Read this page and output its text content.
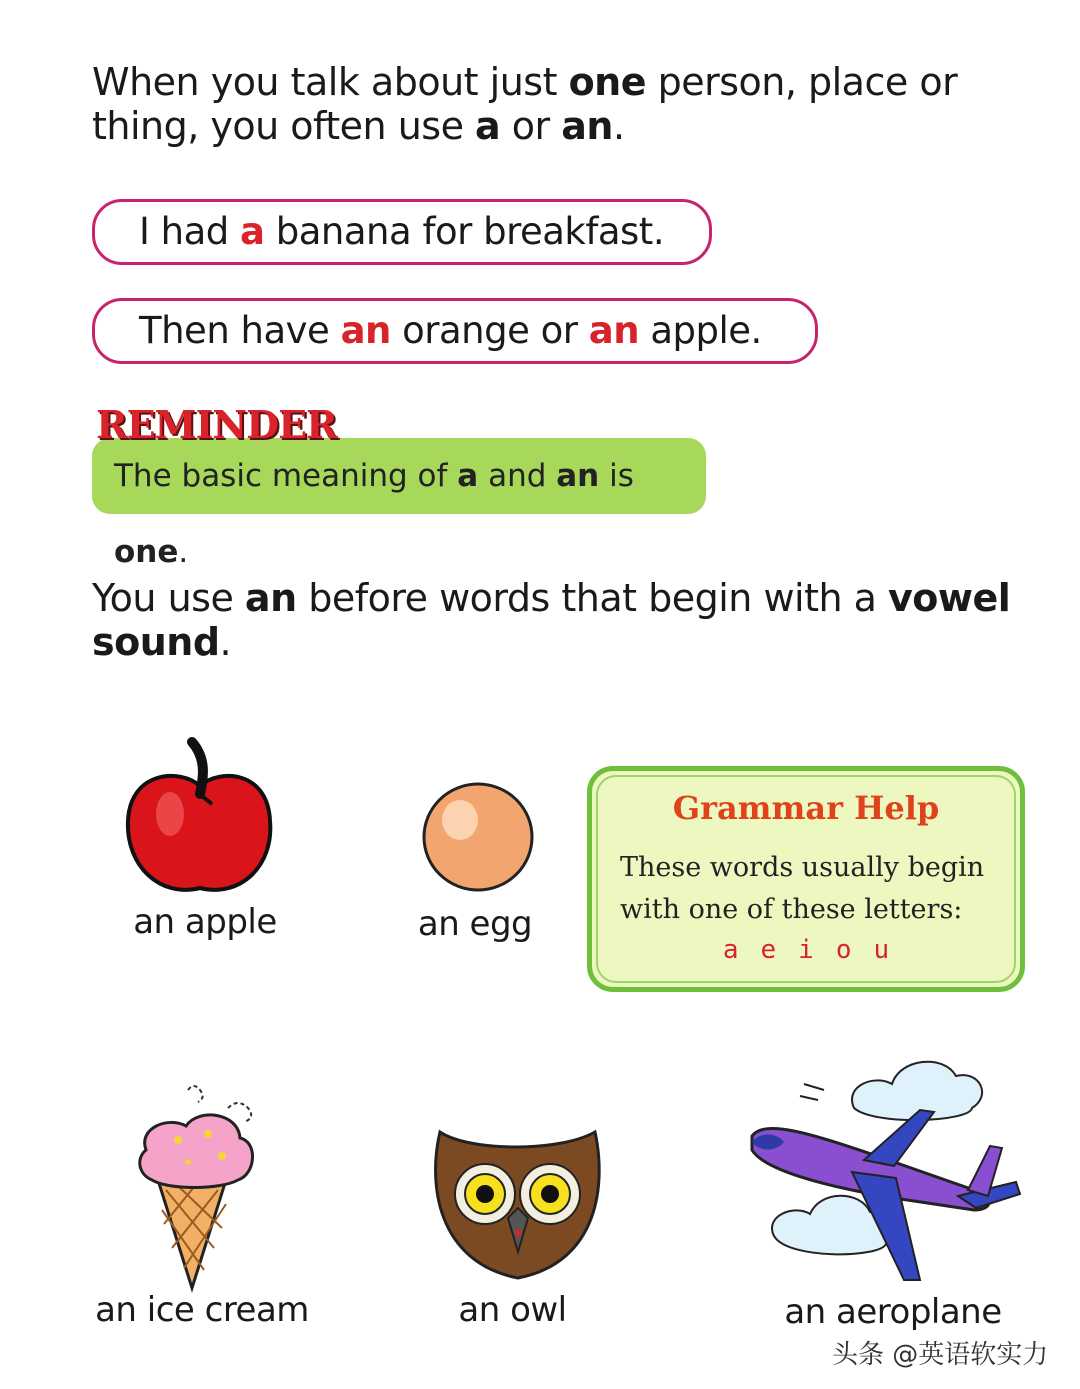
When you talk about just one person, place or thing, you often use a or an.
I had a banana for breakfast.
Then have an orange or an apple.
The basic meaning of a and an is one.
REMINDER
You use an before words that begin with a vowel sound.
an apple	an egg
Grammar Help
These words usually begin with one of these letters:
a e i o u
an ice cream	an owl	an aeroplane
头条 @英语软实力
